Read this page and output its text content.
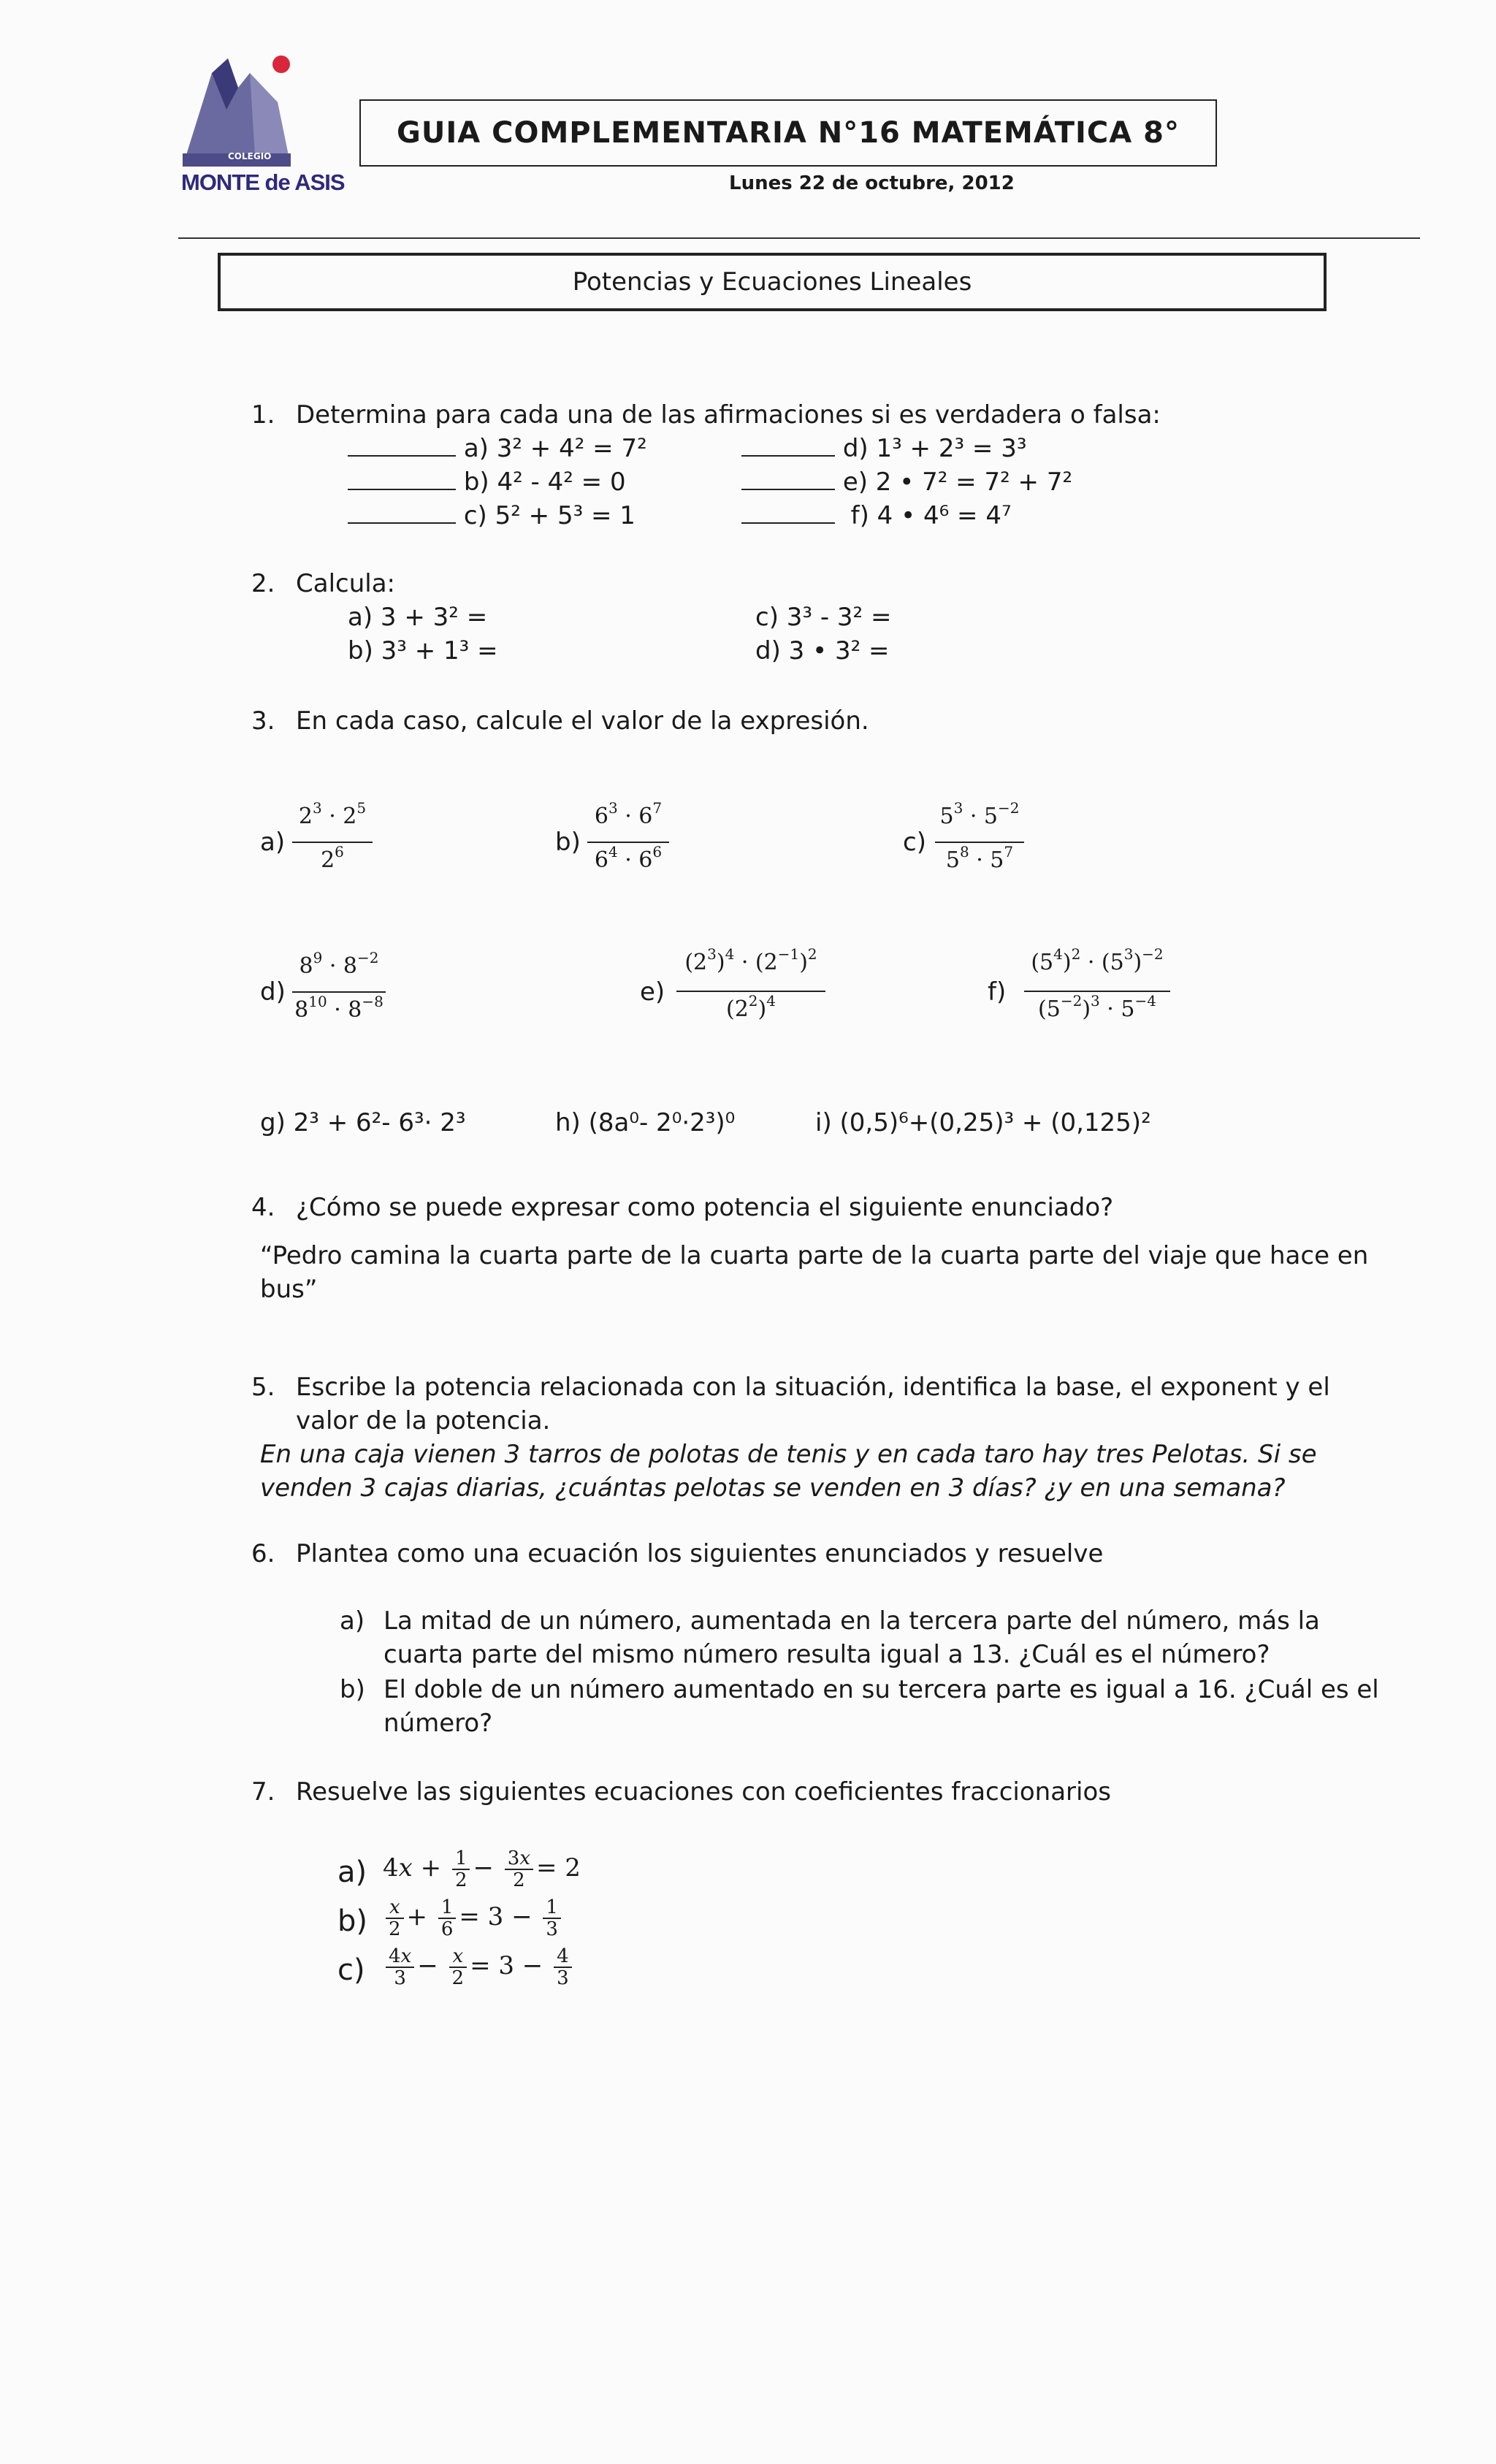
COLEGIO
MONTE de ASIS
GUIA COMPLEMENTARIA N°16 MATEMÁTICA 8°
Lunes 22 de octubre, 2012
Potencias y Ecuaciones Lineales
1. Determina para cada una de las afirmaciones si es verdadera o falsa:
a) 3² + 4² = 7²
b) 4² - 4² = 0
c) 5² + 5³ = 1
d) 1³ + 2³ = 3³
e) 2 • 7² = 7² + 7²
f) 4 • 4⁶ = 4⁷
2. Calcula:
a) 3 + 3² =
b) 3³ + 1³ =
c) 3³ - 3² =
d) 3 • 3² =
3. En cada caso, calcule el valor de la expresión.
a)
$2^3 \cdot 2^5$
$2^6$	b)
$6^3 \cdot 6^7$
$6^4 \cdot 6^6$	c)
$5^3 \cdot 5^{-2}$
$5^8 \cdot 5^7$
d)
$8^9 \cdot 8^{-2}$
$8^{10} \cdot 8^{-8}$	e)
$(2^3)^4 \cdot (2^{-1})^2$
$(2^2)^4$	f)
$(5^4)^2 \cdot (5^3)^{-2}$
$(5^{-2})^3 \cdot 5^{-4}$
g) 2³ + 6²- 6³· 2³	h) (8a⁰- 2⁰·2³)⁰	i) (0,5)⁶+(0,25)³ + (0,125)²
4. ¿Cómo se puede expresar como potencia el siguiente enunciado?
“Pedro camina la cuarta parte de la cuarta parte de la cuarta parte del viaje que hace en
bus”
5. Escribe la potencia relacionada con la situación, identifica la base, el exponent y el
valor de la potencia.
En una caja vienen 3 tarros de polotas de tenis y en cada taro hay tres Pelotas. Si se
venden 3 cajas diarias, ¿cuántas pelotas se venden en 3 días? ¿y en una semana?
6. Plantea como una ecuación los siguientes enunciados y resuelve
a) La mitad de un número, aumentada en la tercera parte del número, más la
cuarta parte del mismo número resulta igual a 13. ¿Cuál es el número?
b) El doble de un número aumentado en su tercera parte es igual a 16. ¿Cuál es el
número?
7. Resuelve las siguientes ecuaciones con coeficientes fraccionarios
a) $4x + \frac{1}{2} - \frac{3x}{2} = 2$
$b) \frac{x}{2} + \frac{1}{6} = 3 - \frac{1}{3}$
$c) \frac{4x}{3} - \frac{x}{2} = 3 - \frac{4}{3}$
